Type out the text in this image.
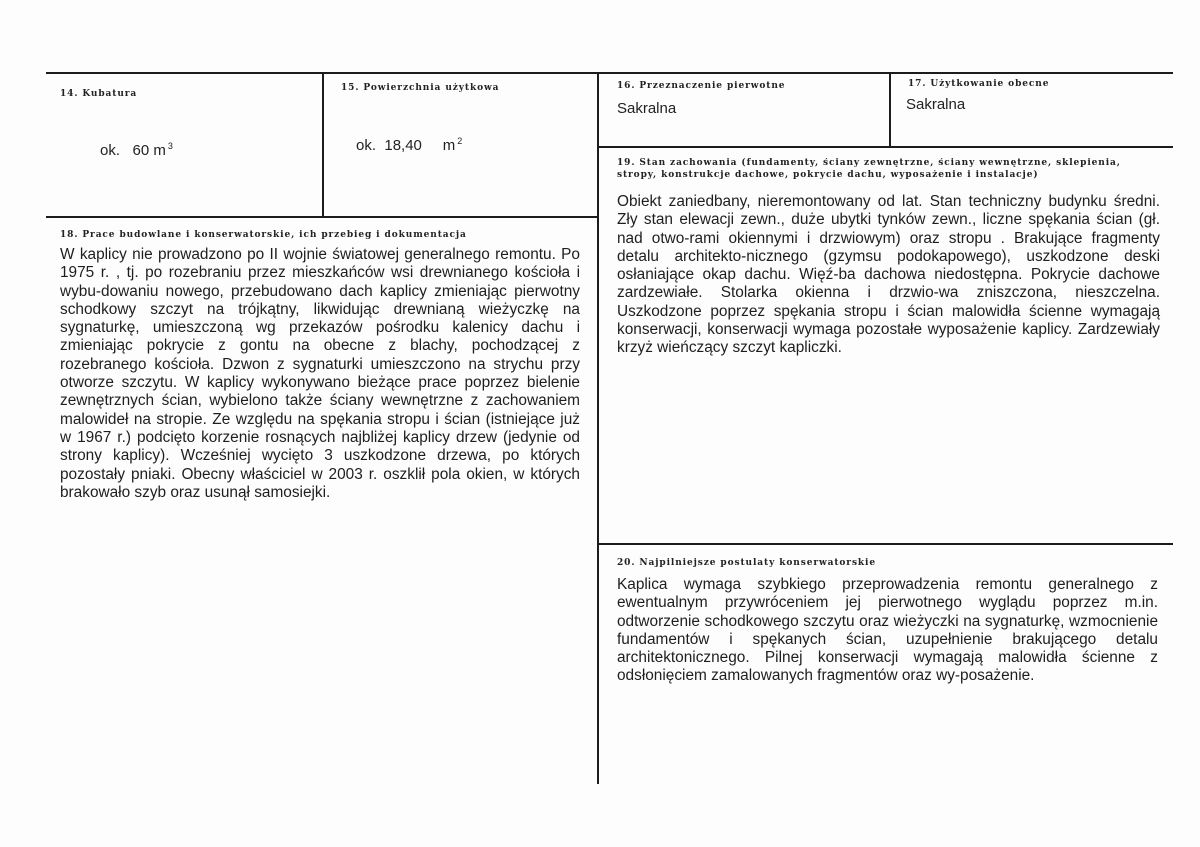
14. Kubatura
ok. 60 m $^3$
15. Powierzchnia użytkowa
ok. 18,40 m $^2$
16. Przeznaczenie pierwotne
Sakralna
17. Użytkowanie obecne
Sakralna
18. Prace budowlane i konserwatorskie, ich przebieg i dokumentacja

W kaplicy nie prowadzono po II wojnie światowej generalnego remontu. Po 1975 r. , tj. po rozebraniu przez mieszkańców wsi drewnianego kościoła i wybu-dowaniu nowego, przebudowano dach kaplicy zmieniając pierwotny schodkowy szczyt na trójkątny, likwidując drewnianą wieżyczkę na sygnaturkę, umieszczoną wg przekazów pośrodku kalenicy dachu i zmieniając pokrycie z gontu na obecne z blachy, pochodzącej z rozebranego kościoła. Dzwon z sygnaturki umieszczono na strychu przy otworze szczytu. W kaplicy wykonywano bieżące prace poprzez bielenie zewnętrznych ścian, wybielono także ściany wewnętrzne z zachowaniem malowideł na stropie. Ze względu na spękania stropu i ścian (istniejące już w 1967 r.) podcięto korzenie rosnących najbliżej kaplicy drzew (jedynie od strony kaplicy). Wcześniej wycięto 3 uszkodzone drzewa, po których pozostały pniaki. Obecny właściciel w 2003 r. oszklił pola okien, w których brakowało szyb oraz usunął samosiejki.

19. Stan zachowania (fundamenty, ściany zewnętrzne, ściany wewnętrzne, sklepienia, stropy, konstrukcje dachowe, pokrycie dachu, wyposażenie i instalacje)

Obiekt zaniedbany, nieremontowany od lat. Stan techniczny budynku średni. Zły stan elewacji zewn., duże ubytki tynków zewn., liczne spękania ścian (gł. nad otwo-rami okiennymi i drzwiowym) oraz stropu . Brakujące fragmenty detalu architekto-nicznego (gzymsu podokapowego), uszkodzone deski osłaniające okap dachu. Więź-ba dachowa niedostępna. Pokrycie dachowe zardzewiałe. Stolarka okienna i drzwio-wa zniszczona, nieszczelna. Uszkodzone poprzez spękania stropu i ścian malowidła ścienne wymagają konserwacji, konserwacji wymaga pozostałe wyposażenie kaplicy. Zardzewiały krzyż wieńczący szczyt kapliczki.

20. Najpilniejsze postulaty konserwatorskie

Kaplica wymaga szybkiego przeprowadzenia remontu generalnego z ewentualnym przywróceniem jej pierwotnego wyglądu poprzez m.in. odtworzenie schodkowego szczytu oraz wieżyczki na sygnaturkę, wzmocnienie fundamentów i spękanych ścian, uzupełnienie brakującego detalu architektonicznego. Pilnej konserwacji wymagają malowidła ścienne z odsłonięciem zamalowanych fragmentów oraz wy-posażenie.
